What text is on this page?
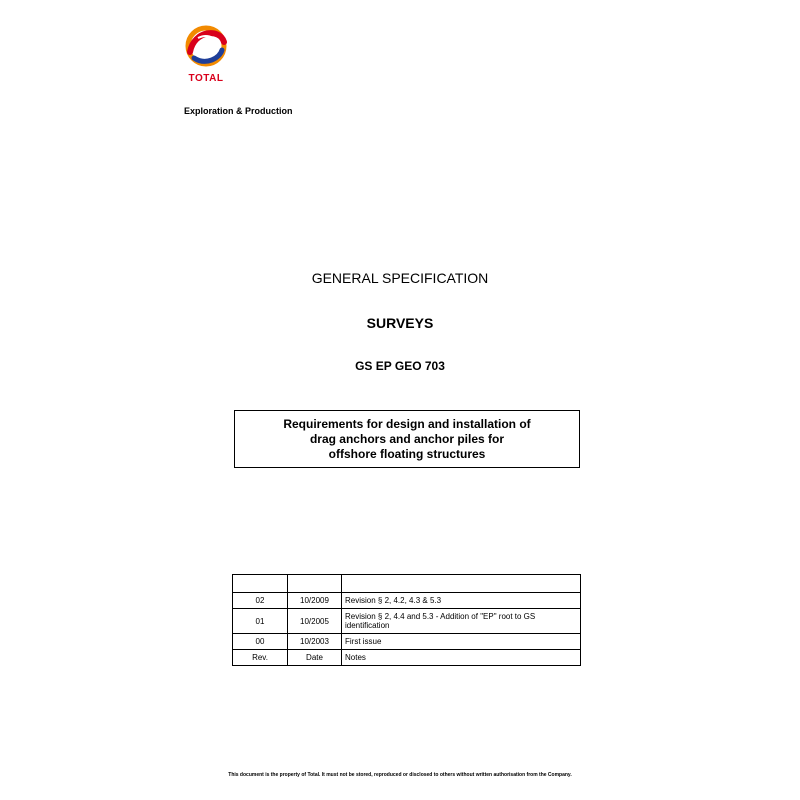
TOTAL
Exploration & Production
GENERAL SPECIFICATION
SURVEYS
GS EP GEO 703
Requirements for design and installation of
drag anchors and anchor piles for
offshore floating structures

02	10/2009	Revision § 2, 4.2, 4.3 & 5.3
01	10/2005	Revision § 2, 4.4 and 5.3 - Addition of "EP" root to GS identification
00	10/2003	First issue
Rev.	Date	Notes
This document is the property of Total. It must not be stored, reproduced or disclosed to others without written authorisation from the Company.
